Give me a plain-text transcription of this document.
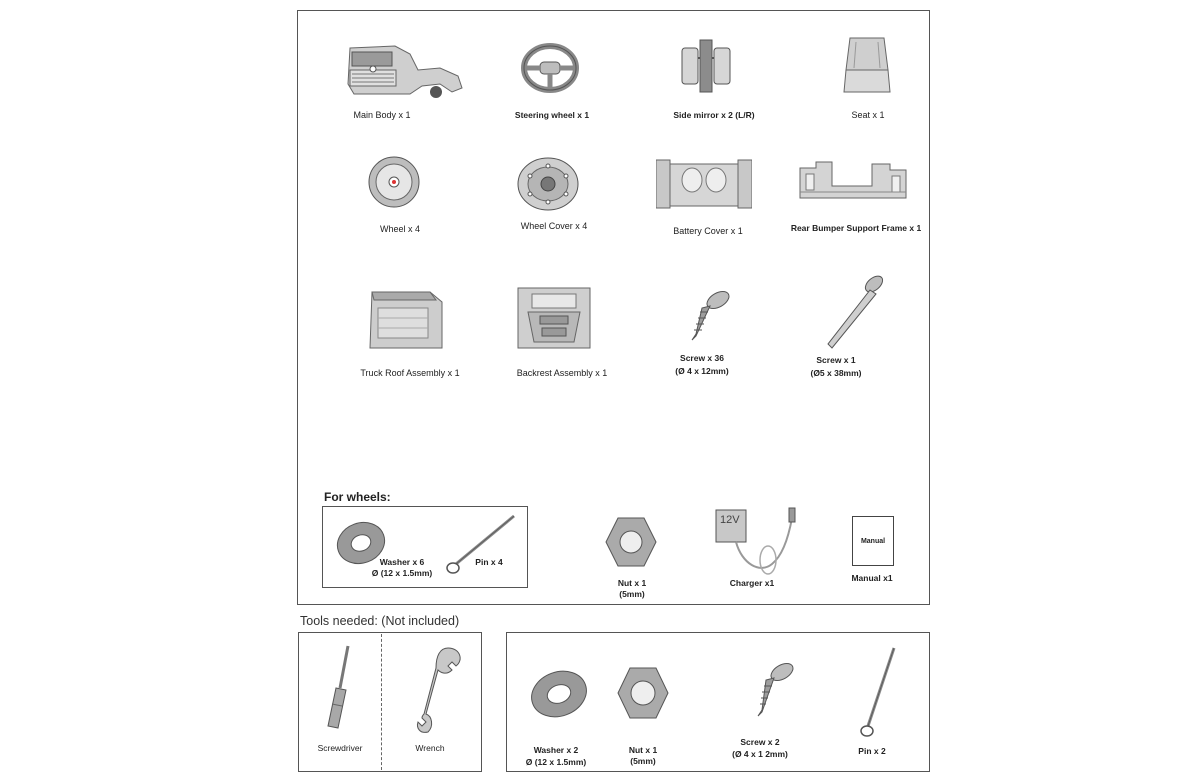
Main Body x 1	Steering wheel x 1	Side mirror x 2 (L/R)	Seat x 1
Wheel x 4	Wheel Cover x 4	Battery Cover x 1	Rear Bumper Support Frame x 1
Truck Roof Assembly x 1	Backrest Assembly x 1
Screw x 36
(Ø 4 x 12mm)
Screw x 1
(Ø5 x 38mm)
For wheels:
Washer x 6
Ø (12 x 1.5mm)
Pin x 4
Nut x 1
(5mm)
12V
Charger x1
Manual
Manual x1
Tools needed: (Not included)
Screwdriver	Wrench	Washer x 2
Ø (12 x 1.5mm)
Nut x 1
(5mm)
Screw x 2
(Ø 4 x 1 2mm)	Pin x 2
